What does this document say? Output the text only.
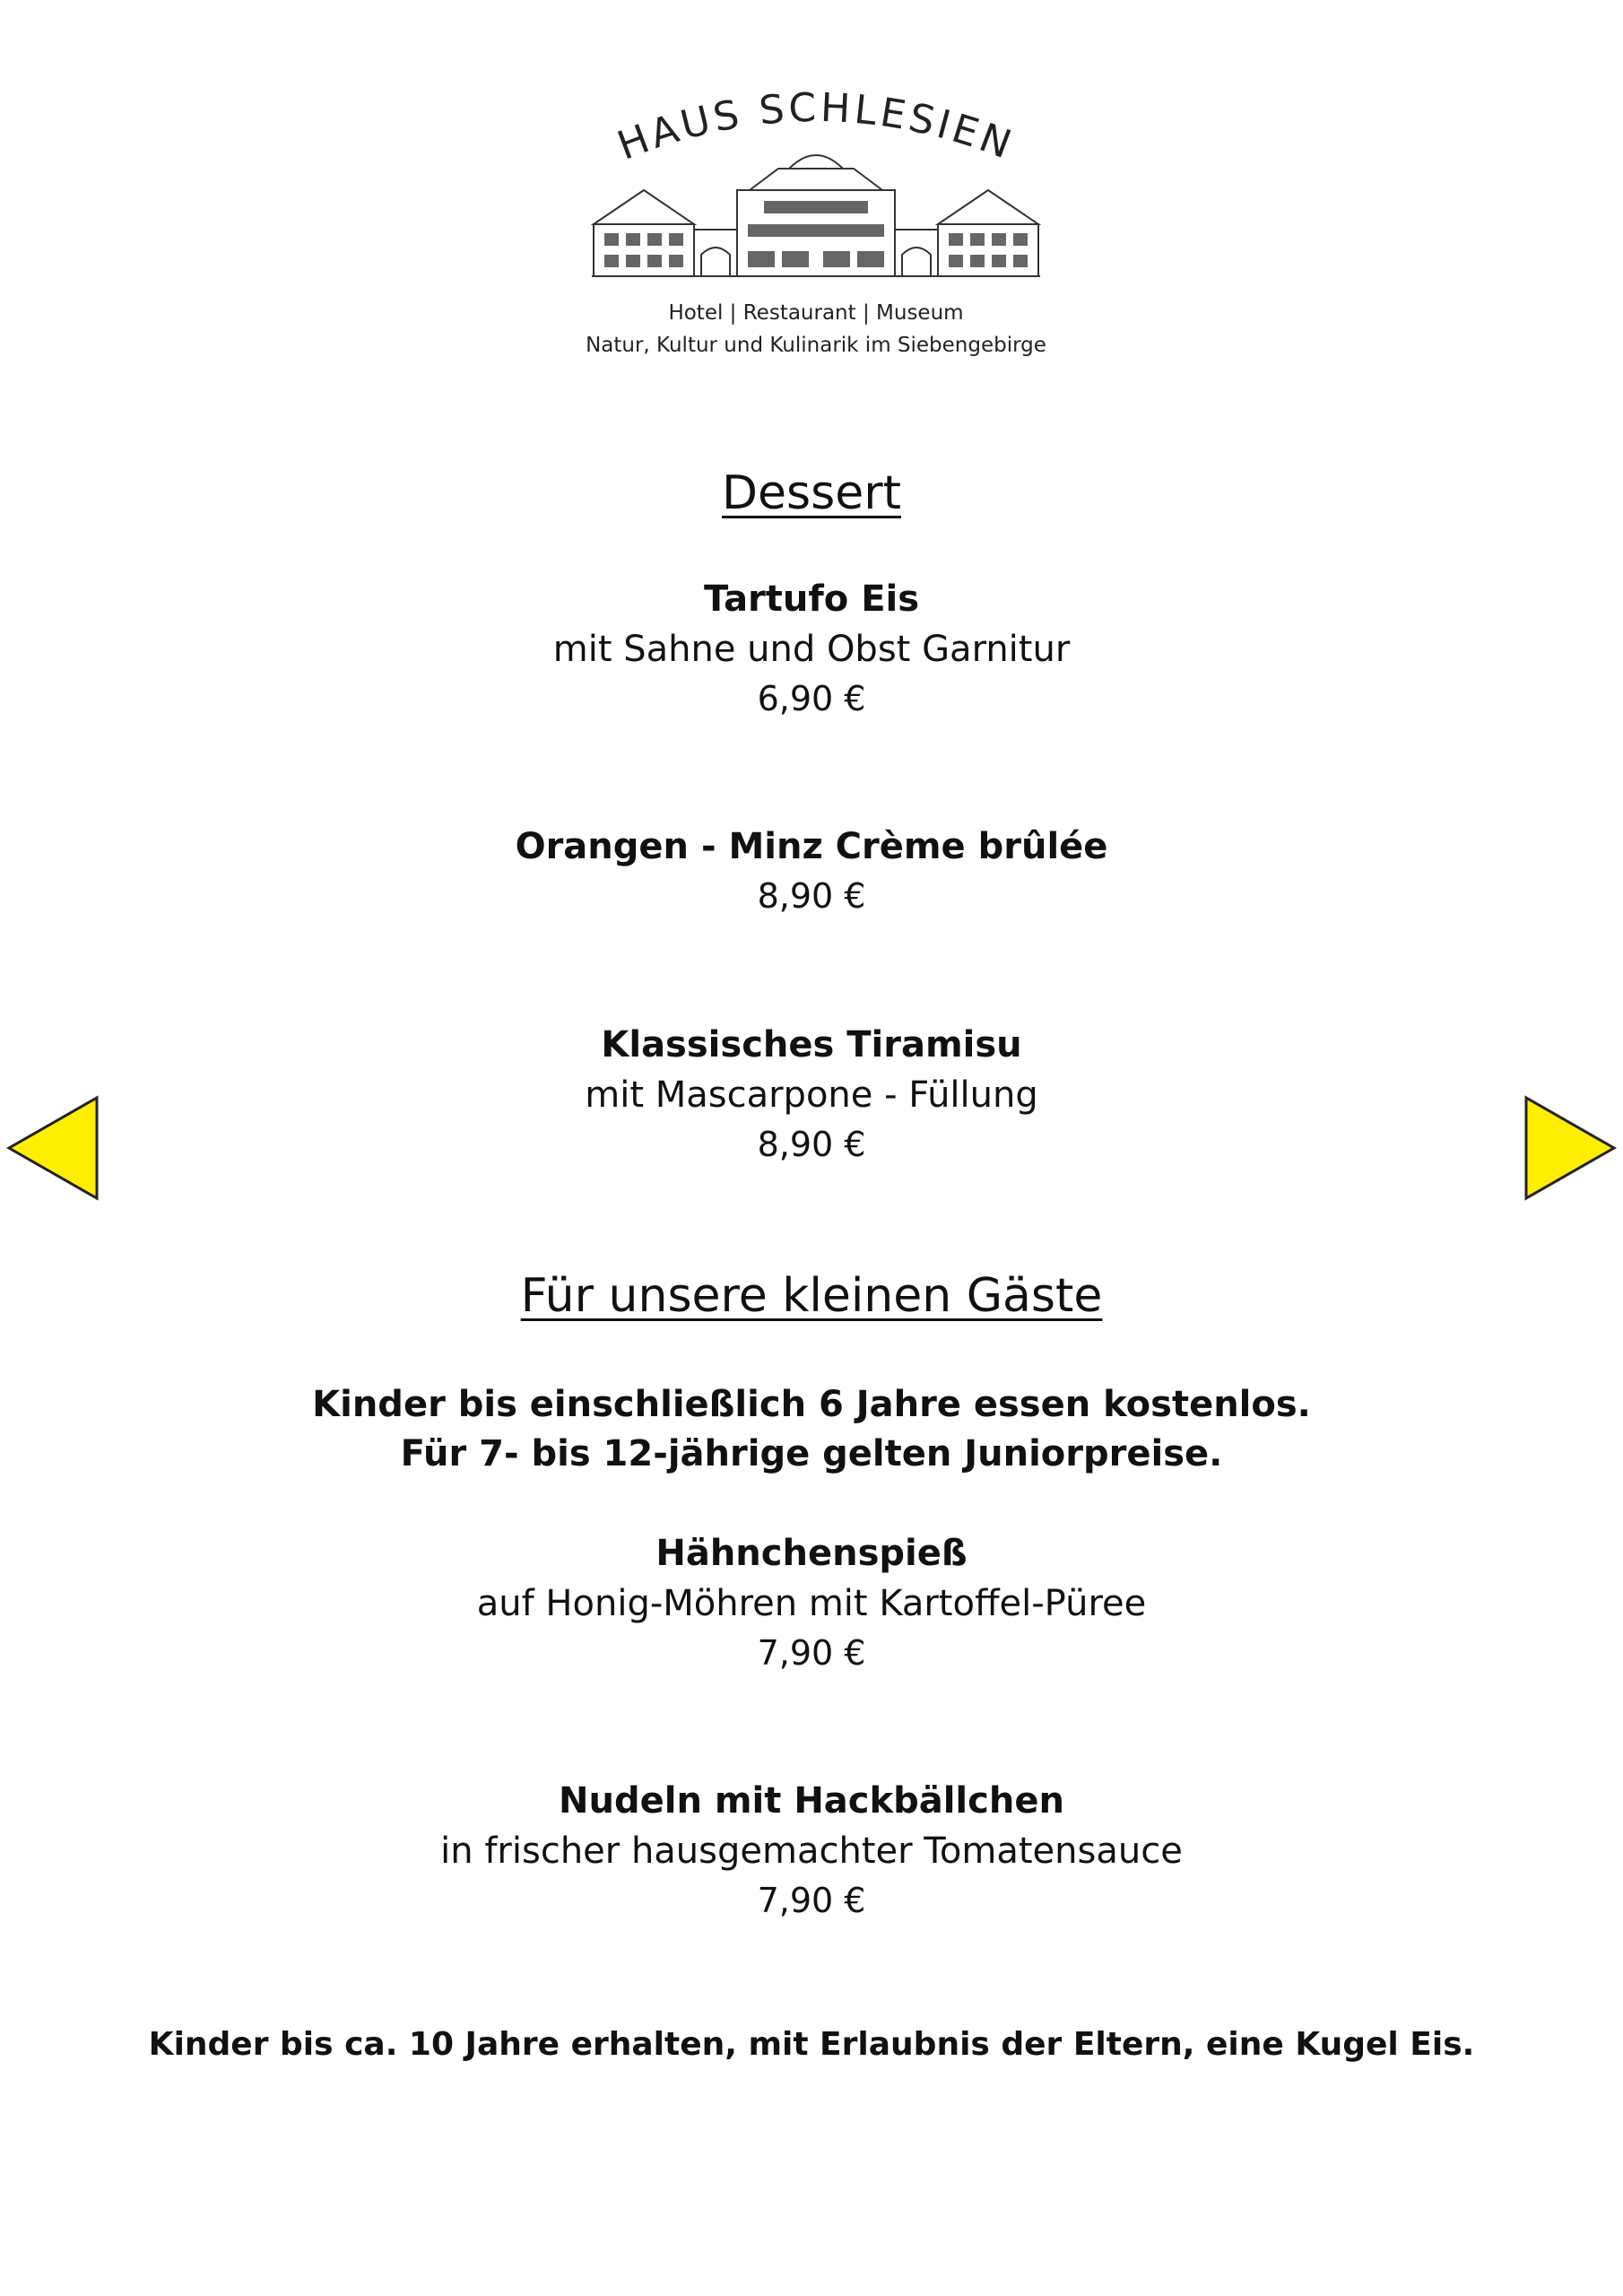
HAUS SCHLESIEN
Hotel | Restaurant | Museum
Natur, Kultur und Kulinarik im Siebengebirge
Dessert
Tartufo Eis
mit Sahne und Obst Garnitur
6,90 €
Orangen - Minz Crème brûlée
8,90 €
Klassisches Tiramisu
mit Mascarpone - Füllung
8,90 €
Für unsere kleinen Gäste
Kinder bis einschließlich 6 Jahre essen kostenlos.
Für 7- bis 12-jährige gelten Juniorpreise.
Hähnchenspieß
auf Honig-Möhren mit Kartoffel-Püree
7,90 €
Nudeln mit Hackbällchen
in frischer hausgemachter Tomatensauce
7,90 €
Kinder bis ca. 10 Jahre erhalten, mit Erlaubnis der Eltern, eine Kugel Eis.
